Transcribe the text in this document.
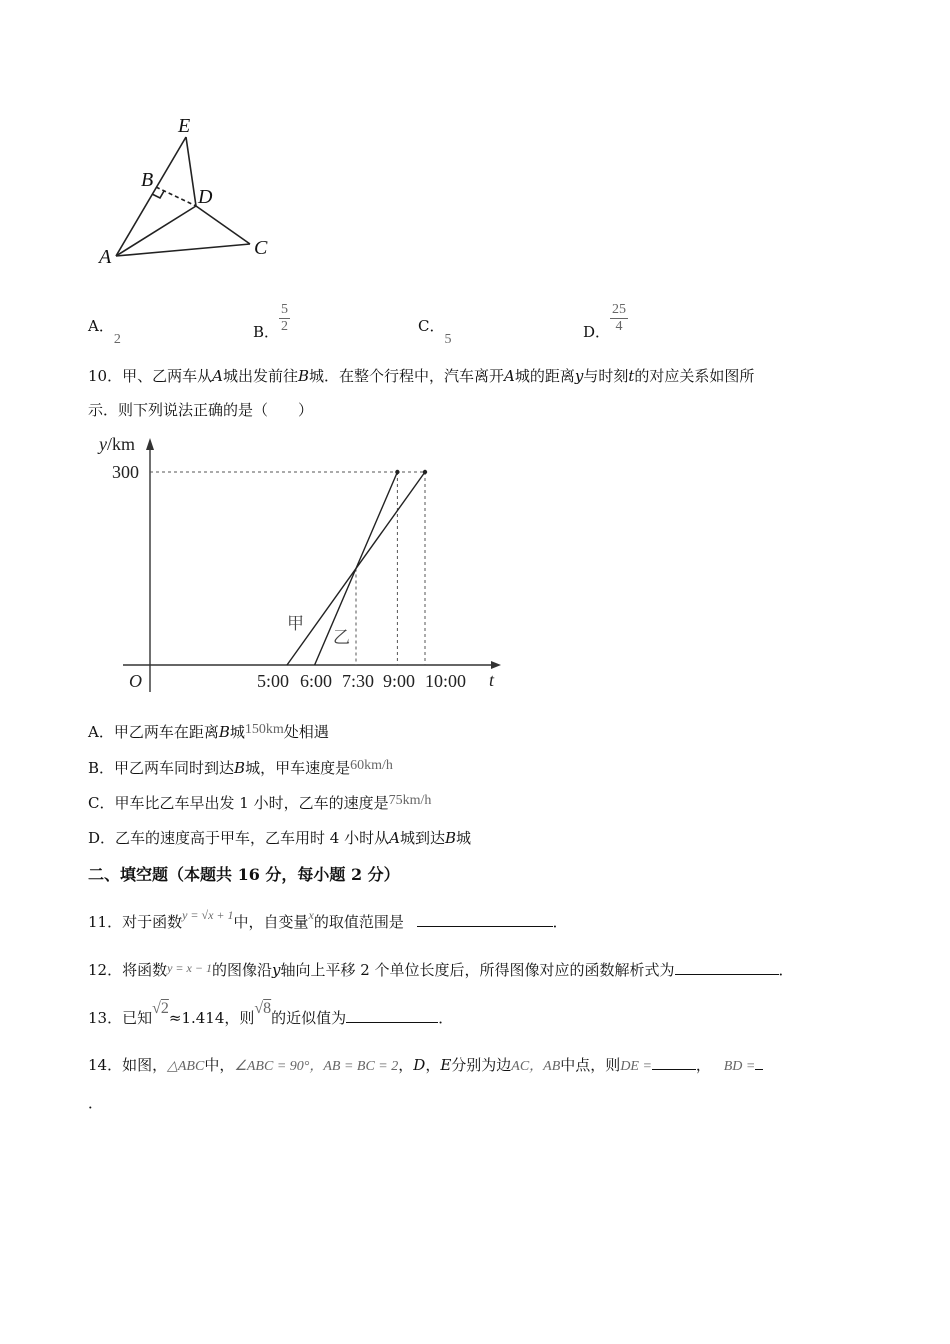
E
B
D
A	C
A．2	B． $\frac{5}{2}$	C．5	D． $\frac{25}{4}$
10．甲、乙两车从A城出发前往B城．在整个行程中，汽车离开A城的距离y与时刻t的对应关系如图所
示．则下列说法正确的是（　　）
甲
乙
y/km
300
O	5:00 6:00 7:30 9:00 10:00 t
A．甲乙两车在距离B城150km处相遇
B．甲乙两车同时到达B城，甲车速度是60km/h
C．甲车比乙车早出发 1 小时，乙车的速度是75km/h
D．乙车的速度高于甲车，乙车用时 4 小时从A城到达B城
二、填空题（本题共 16 分，每小题 2 分）
11．对于函数$^{y = √x + 1}$中，自变量$^x$的取值范围是	．
12．将函数$^{y = x - 1}$的图像沿y轴向上平移 2 个单位长度后，所得图像对应的函数解析式为	．
13．已知√2≈1.414，则√8的近似值为	．
14．如图，△ABC中，∠ABC = 90°，AB = BC = 2，D，E分别为边AC，AB中点，则DE =	， BD =
．
